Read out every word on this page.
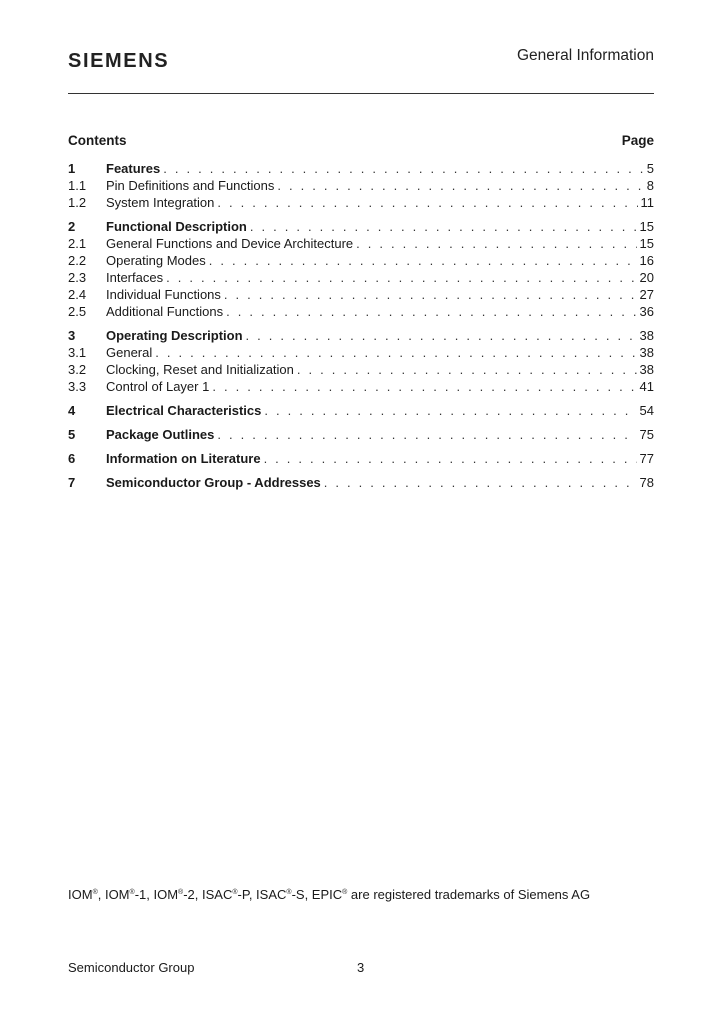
SIEMENS	General Information
Contents	Page
1	Features . . .	5
1.1	Pin Definitions and Functions . . .	8
1.2	System Integration . . .	11
2	Functional Description . . .	15
2.1	General Functions and Device Architecture . . .	15
2.2	Operating Modes . . .	16
2.3	Interfaces . . .	20
2.4	Individual Functions . . .	27
2.5	Additional Functions . . .	36
3	Operating Description . . .	38
3.1	General . . .	38
3.2	Clocking, Reset and Initialization . . .	38
3.3	Control of Layer 1 . . .	41
4	Electrical Characteristics . . .	54
5	Package Outlines . . .	75
6	Information on Literature . . .	77
7	Semiconductor Group - Addresses . . .	78
IOM®, IOM®-1, IOM®-2, ISAC®-P, ISAC®-S, EPIC® are registered trademarks of Siemens AG
Semiconductor Group	3
